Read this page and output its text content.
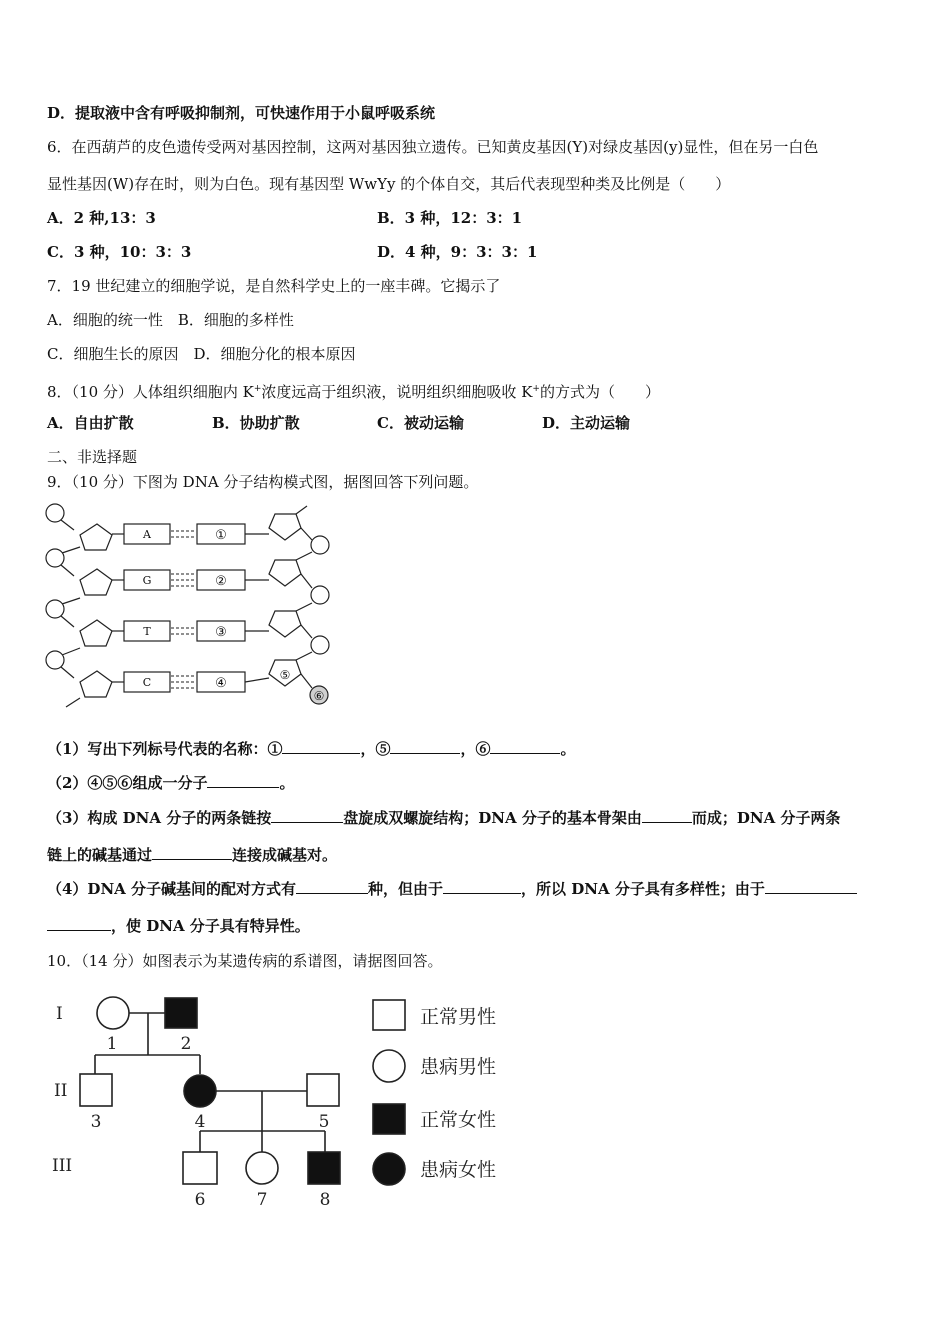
D．提取液中含有呼吸抑制剂，可快速作用于小鼠呼吸系统
6．在西葫芦的皮色遗传受两对基因控制，这两对基因独立遗传。已知黄皮基因(Y)对绿皮基因(y)显性，但在另一白色
显性基因(W)存在时，则为白色。现有基因型 WwYy 的个体自交，其后代表现型种类及比例是（　　）
A．2 种,13：3	B．3 种，12：3：1
C．3 种，10：3：3	D．4 种，9：3：3：1
7．19 世纪建立的细胞学说，是自然科学史上的一座丰碑。它揭示了
A．细胞的统一性　B．细胞的多样性
C．细胞生长的原因　D．细胞分化的根本原因
8．（10 分）人体组织细胞内 K+浓度远高于组织液，说明组织细胞吸收 K+的方式为（　　）
A．自由扩散	B．协助扩散	C．被动运输	D．主动运输
二、非选择题
9．（10 分）下图为 DNA 分子结构模式图，据图回答下列问题。
A
G
T
C
①
②
③
④
⑤
⑥
（1）写出下列标号代表的名称：①	，⑤	，⑥	。
（2）④⑤⑥组成一分子	。
（3）构成 DNA 分子的两条链按	盘旋成双螺旋结构；DNA 分子的基本骨架由	而成；DNA 分子两条
链上的碱基通过	连接成碱基对。
（4）DNA 分子碱基间的配对方式有	种，但由于	，所以 DNA 分子具有多样性；由于
，使 DNA 分子具有特异性。
10．（14 分）如图表示为某遗传病的系谱图，请据图回答。
I
II
III
1	2
3	4	5
6	7	8
正常男性
患病男性
正常女性
患病女性
